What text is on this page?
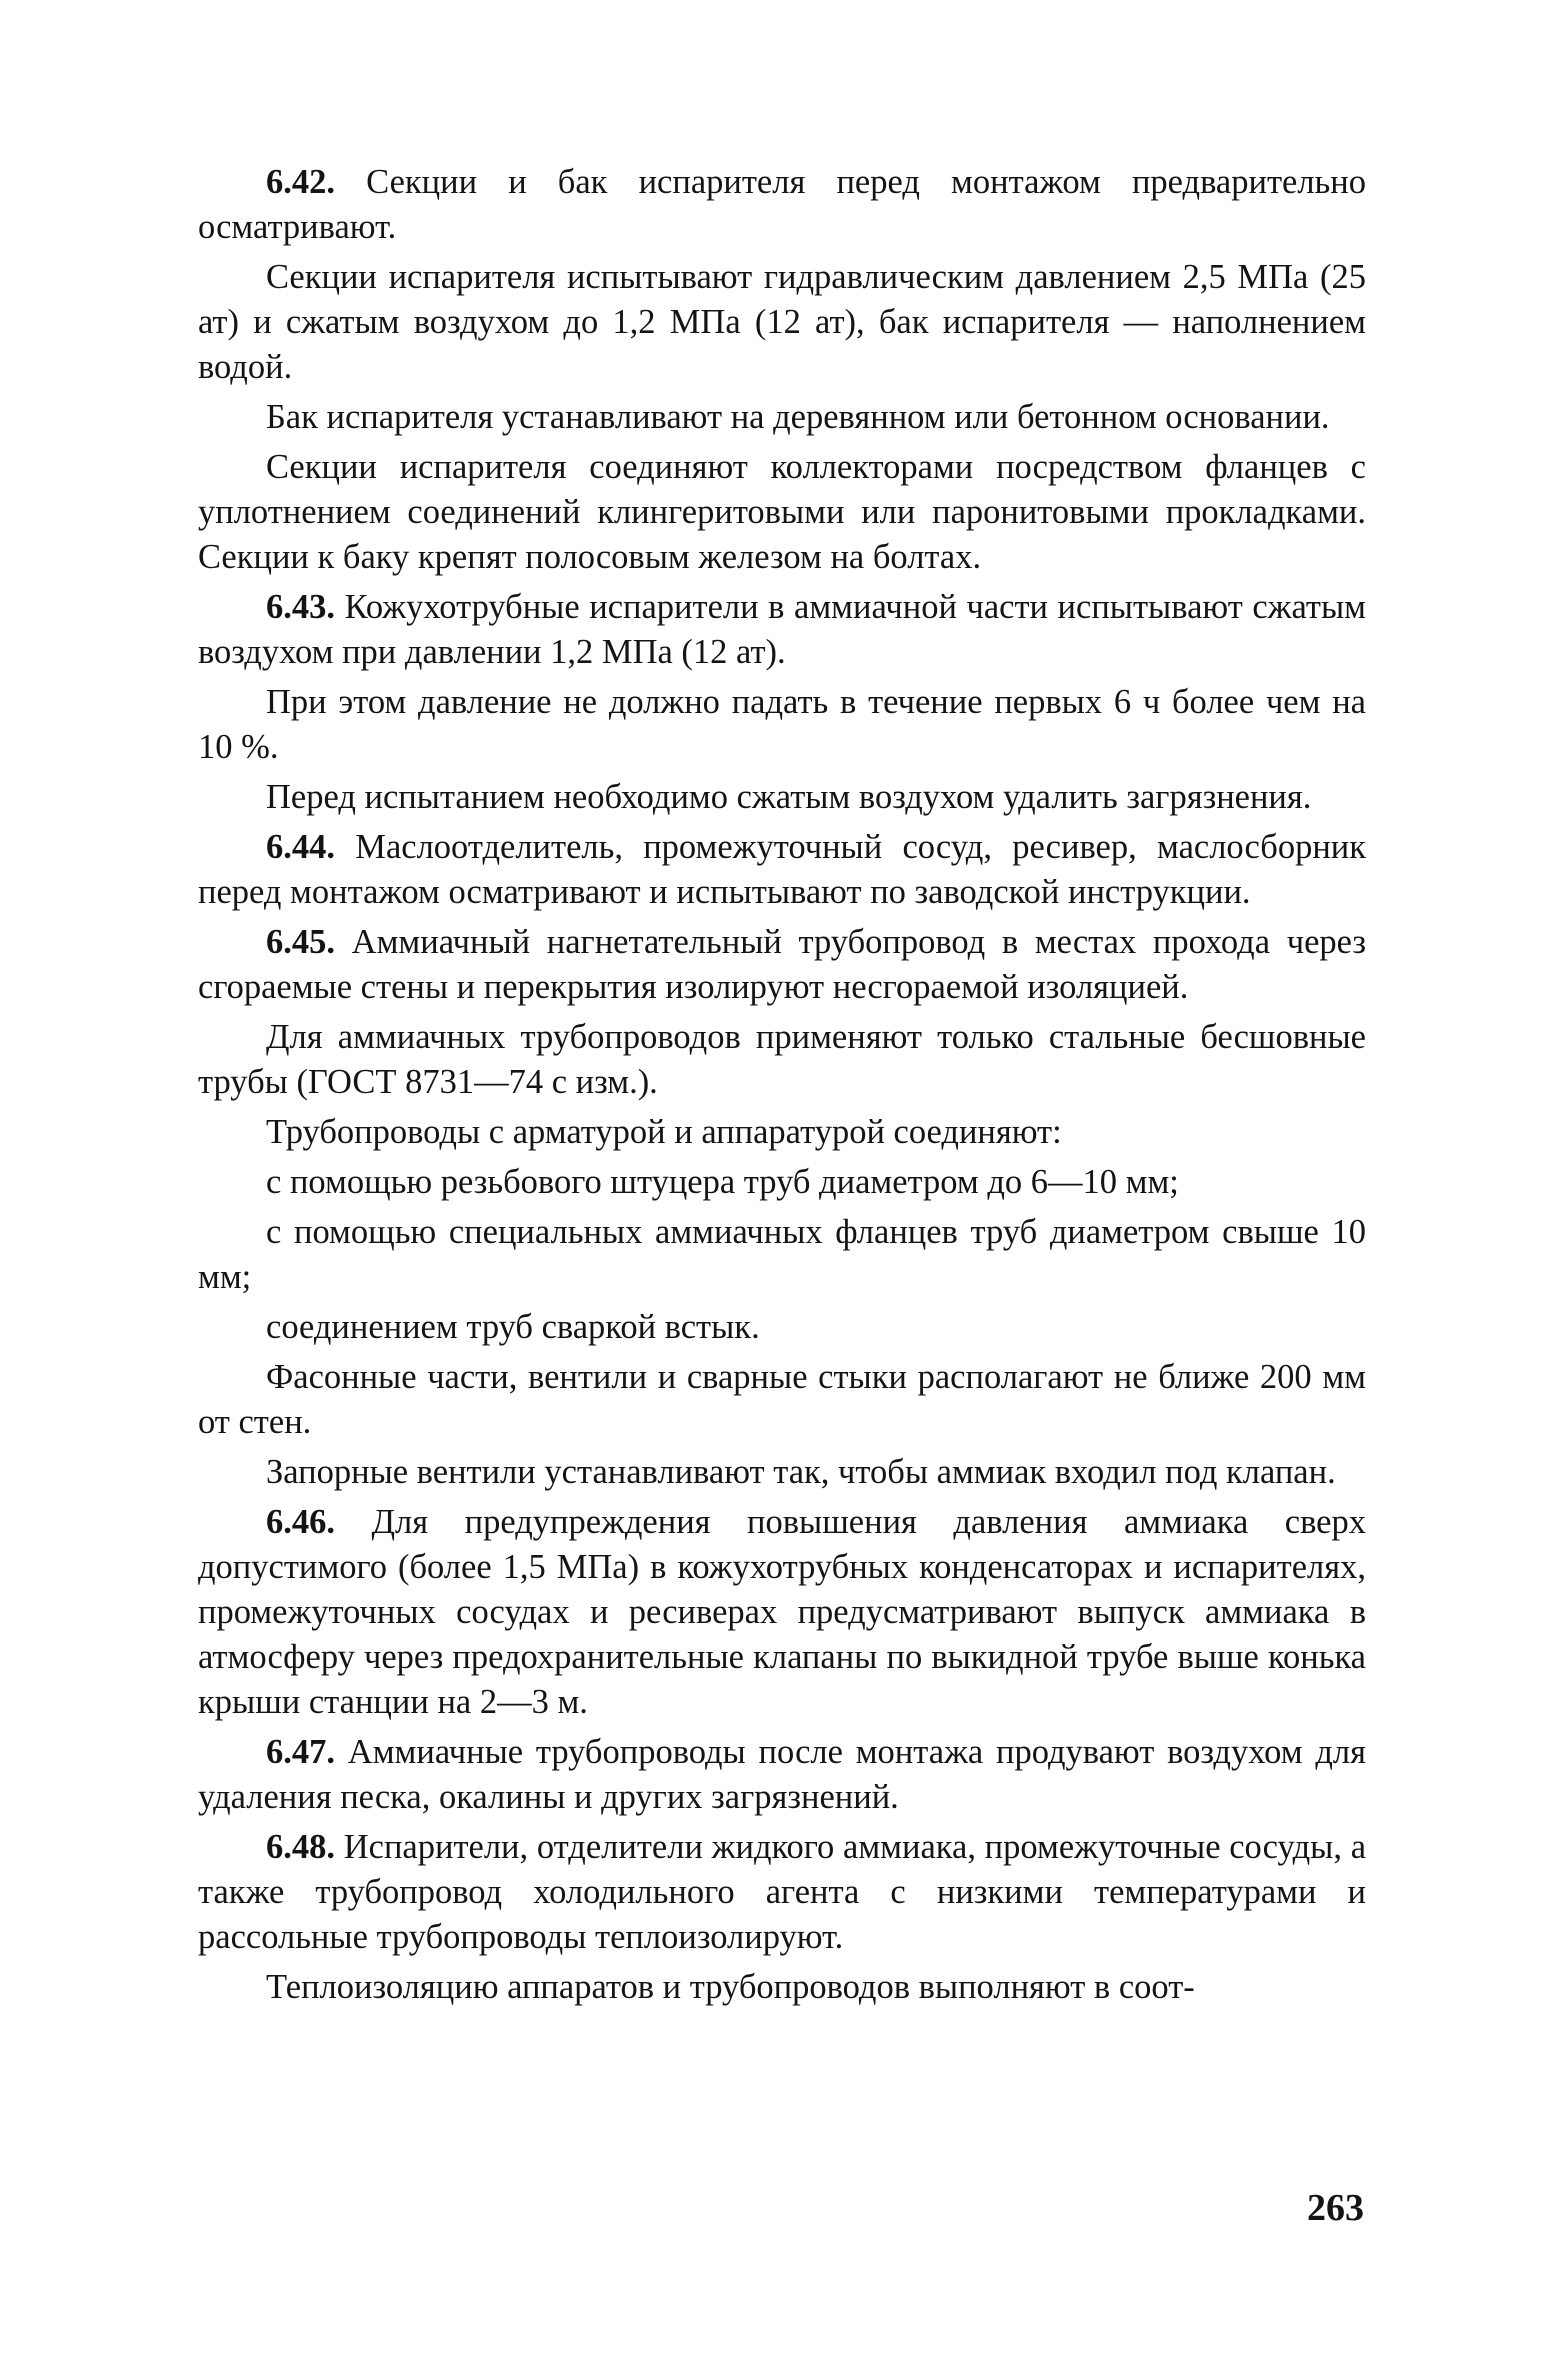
6.42. Секции и бак испарителя перед монтажом предварительно осматривают.

Секции испарителя испытывают гидравлическим давлением 2,5 МПа (25 ат) и сжатым воздухом до 1,2 МПа (12 ат), бак испарителя — наполнением водой.

Бак испарителя устанавливают на деревянном или бетонном основании.

Секции испарителя соединяют коллекторами посредством фланцев с уплотнением соединений клингеритовыми или паронитовыми прокладками. Секции к баку крепят полосовым железом на болтах.

6.43. Кожухотрубные испарители в аммиачной части испытывают сжатым воздухом при давлении 1,2 МПа (12 ат).

При этом давление не должно падать в течение первых 6 ч более чем на 10 %.

Перед испытанием необходимо сжатым воздухом удалить загрязнения.

6.44. Маслоотделитель, промежуточный сосуд, ресивер, маслосборник перед монтажом осматривают и испытывают по заводской инструкции.

6.45. Аммиачный нагнетательный трубопровод в местах прохода через сгораемые стены и перекрытия изолируют несгораемой изоляцией.

Для аммиачных трубопроводов применяют только стальные бесшовные трубы (ГОСТ 8731—74 с изм.).

Трубопроводы с арматурой и аппаратурой соединяют:

с помощью резьбового штуцера труб диаметром до 6—10 мм;

с помощью специальных аммиачных фланцев труб диаметром свыше 10 мм;

соединением труб сваркой встык.

Фасонные части, вентили и сварные стыки располагают не ближе 200 мм от стен.

Запорные вентили устанавливают так, чтобы аммиак входил под клапан.

6.46. Для предупреждения повышения давления аммиака сверх допустимого (более 1,5 МПа) в кожухотрубных конденсаторах и испарителях, промежуточных сосудах и ресиверах предусматривают выпуск аммиака в атмосферу через предохранительные клапаны по выкидной трубе выше конька крыши станции на 2—3 м.

6.47. Аммиачные трубопроводы после монтажа продувают воздухом для удаления песка, окалины и других загрязнений.

6.48. Испарители, отделители жидкого аммиака, промежуточные сосуды, а также трубопровод холодильного агента с низкими температурами и рассольные трубопроводы теплоизолируют.

Теплоизоляцию аппаратов и трубопроводов выполняют в соот-

263
